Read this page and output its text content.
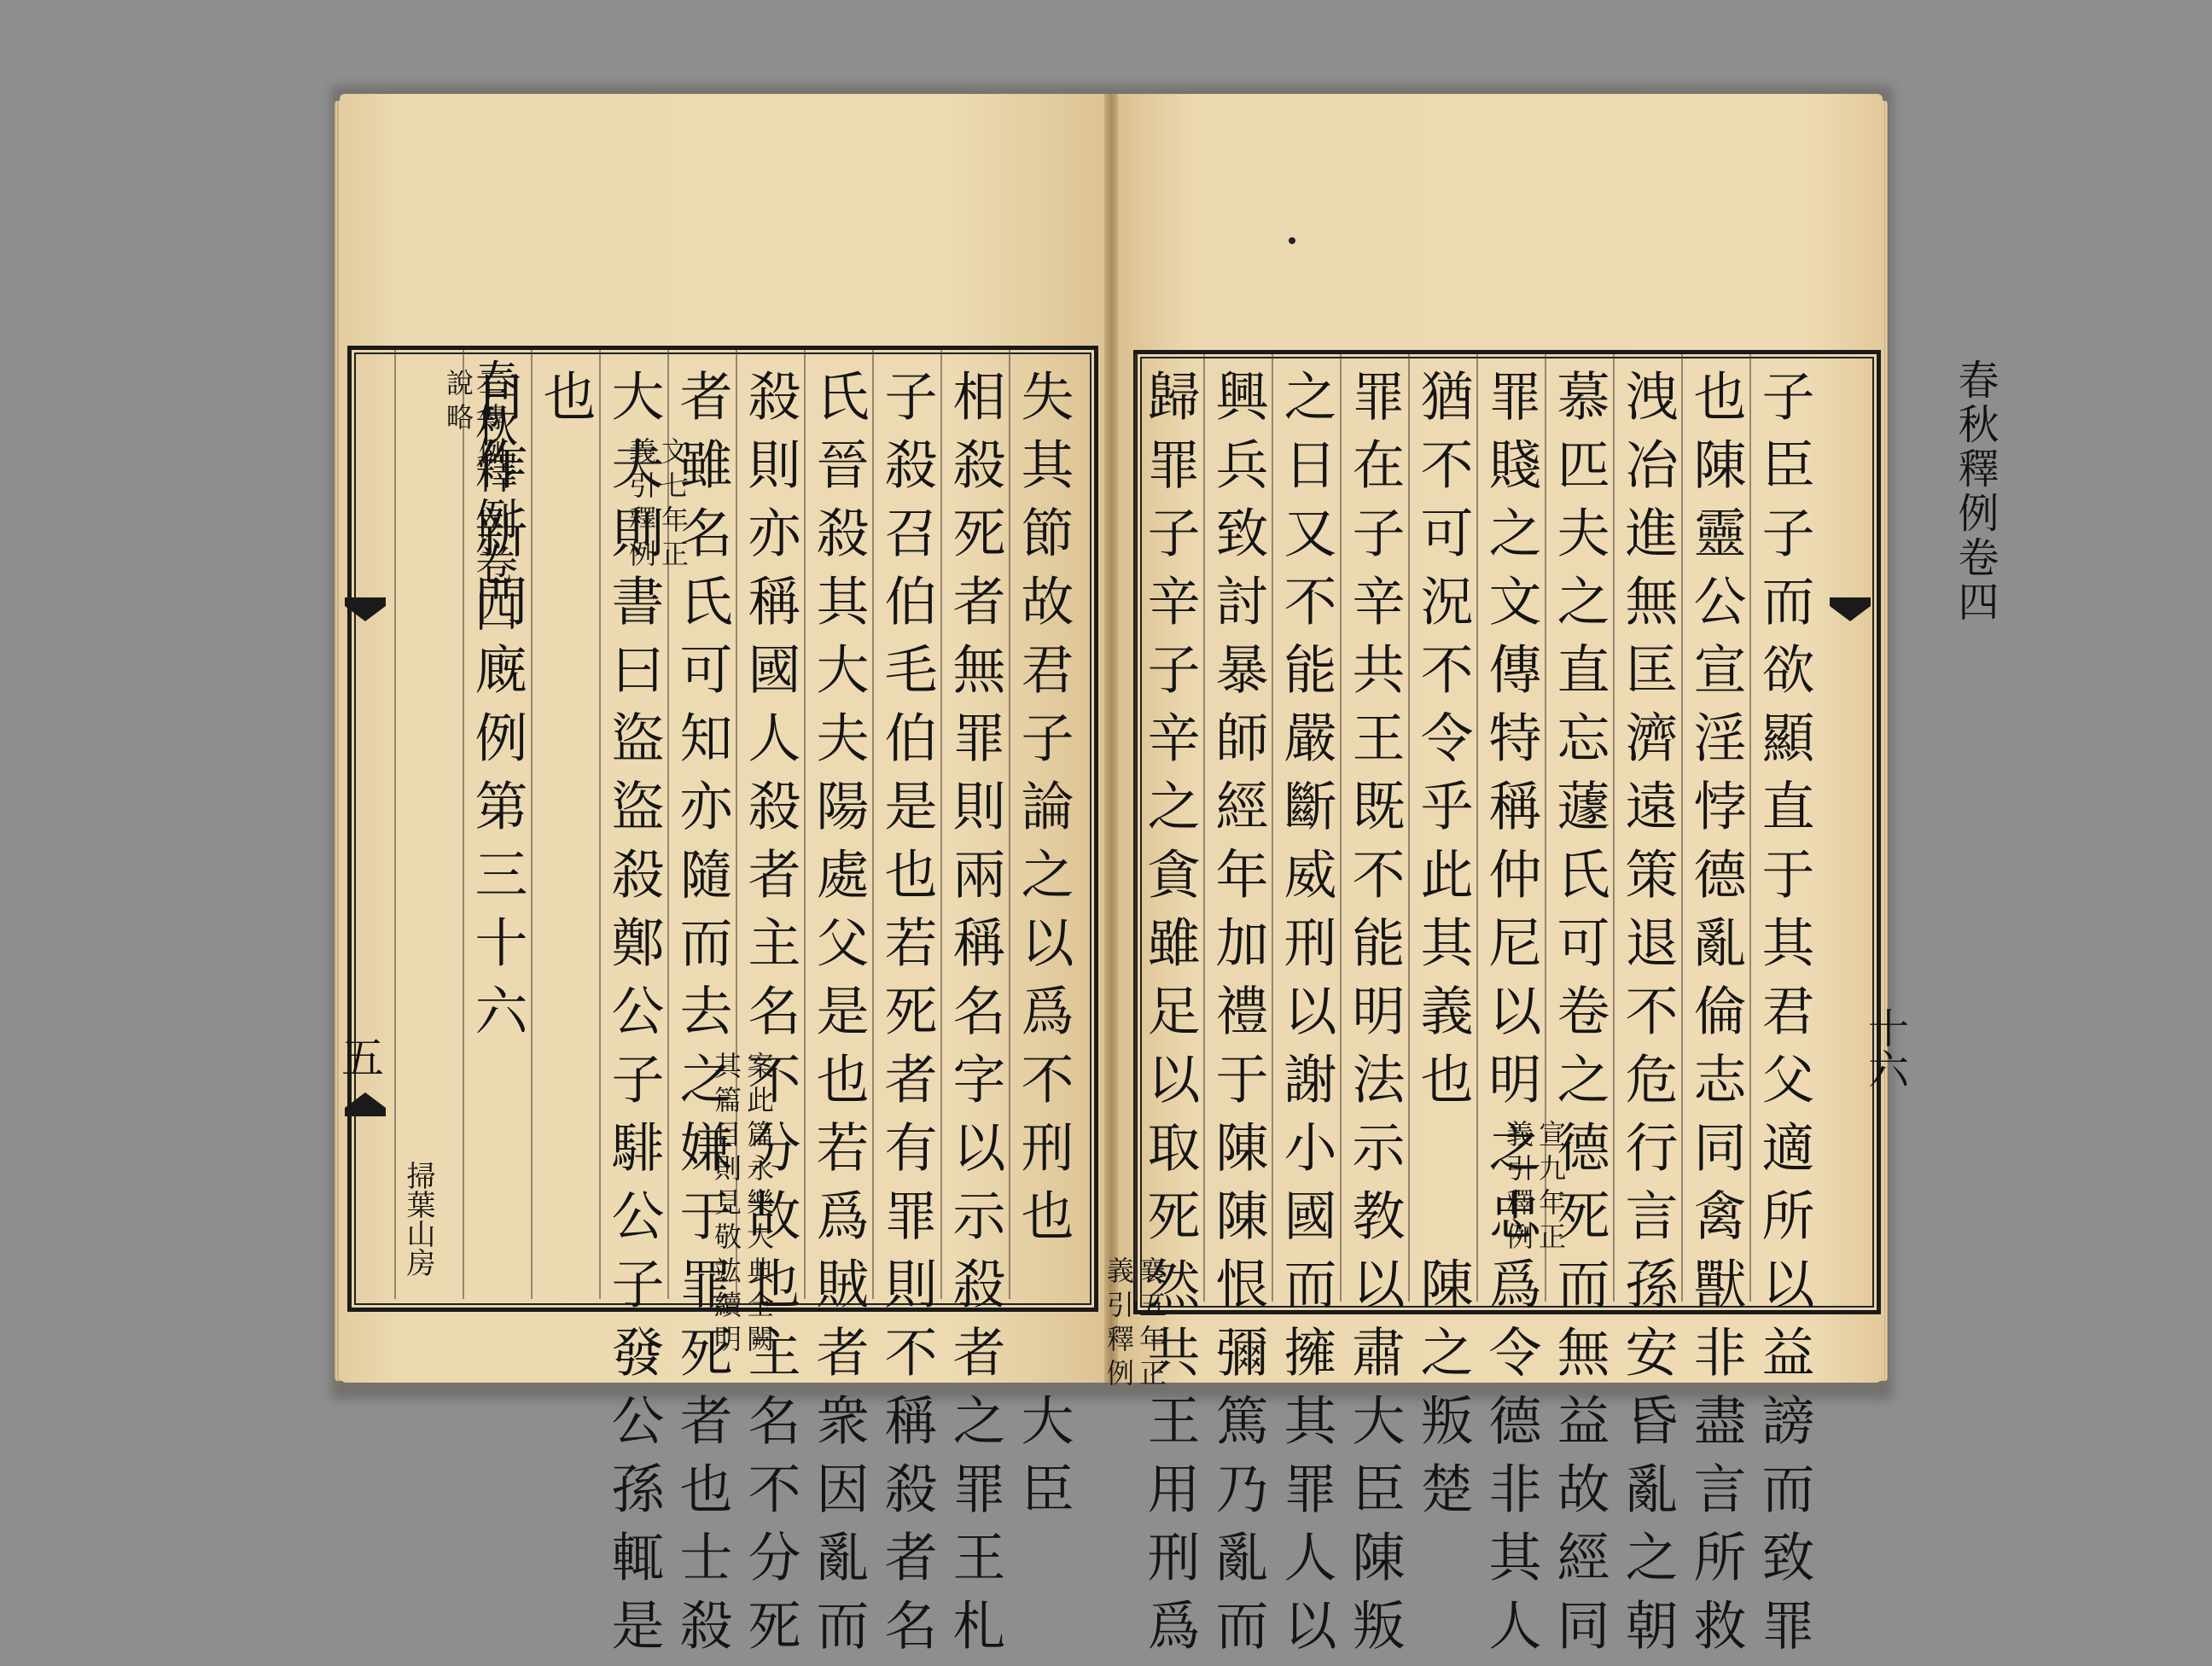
春秋釋例卷四
五
掃葉山房
春秋釋例卷四
十六
失其節故君子論之以爲不刑也
襄五年正
義引釋例
大臣
相殺死者無罪則兩稱名字以示殺者之罪王札
子殺召伯毛伯是也若死者有罪則不稱殺者名
氏晉殺其大夫陽處父是也若爲賊者衆因亂而
殺則亦稱國人殺者主名不分故也主名不分死
者雖名氏可知亦隨而去之嫌于罪死者也士殺
大夫則書曰盜盜殺鄭公子騑公子發公孫輒是
也
文七年正
義引釋例
日作新門廐例第三十六
案此篇永樂大典全闕
其篇目則見敬竑續明
三傳例
說略	子臣子而欲顯直于其君父適所以益謗而致罪
也陳靈公宣淫悖德亂倫志同禽獸非盡言所救
洩冶進無匡濟遠策退不危行言孫安昏亂之朝
慕匹夫之直忘蘧氏可卷之德死而無益故經同
罪賤之文傳特稱仲尼以明之忠爲令德非其人
猶不可況不令乎此其義也
宣九年正
義引釋例
陳之叛楚
罪在子辛共王既不能明法示教以肅大臣陳叛
之日又不能嚴斷威刑以謝小國而擁其罪人以
興兵致討暴師經年加禮于陳陳恨彌篤乃亂而
歸罪子辛子辛之貪雖足以取死然共王用刑爲
